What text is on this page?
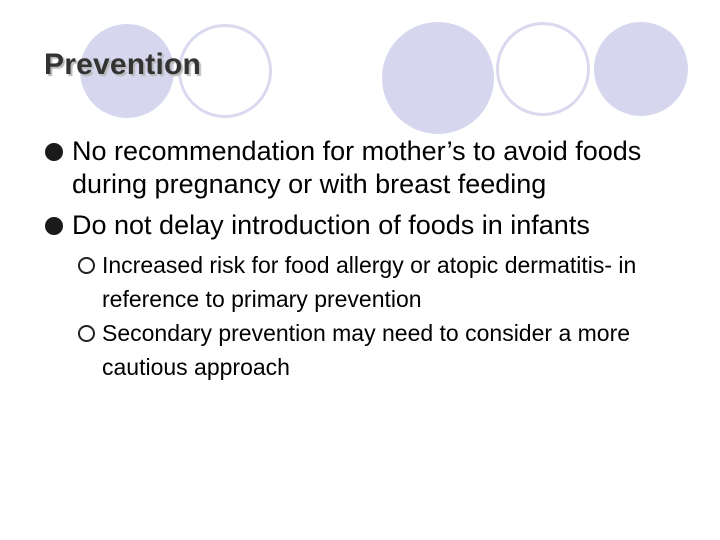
Prevention
No recommendation for mother’s to avoid foods during pregnancy or with breast feeding
Do not delay introduction of foods in infants
Increased risk for food allergy or atopic dermatitis- in reference to primary prevention
Secondary prevention may need to consider a more cautious approach
